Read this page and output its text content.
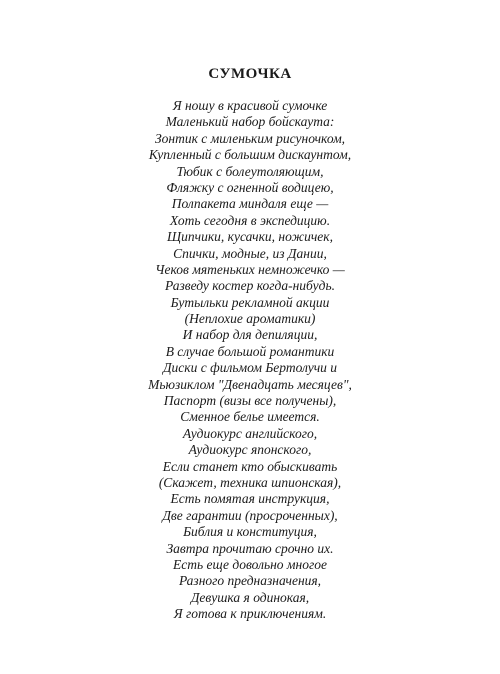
СУМОЧКА
Я ношу в красивой сумочке
Маленький набор бойскаута:
Зонтик с миленьким рисуночком,
Купленный с большим дискаунтом,
Тюбик с болеутоляющим,
Фляжку с огненной водицею,
Полпакета миндаля еще —
Хоть сегодня в экспедицию.
Щипчики, кусачки, ножичек,
Спички, модные, из Дании,
Чеков мятеньких немножечко —
Разведу костер когда-нибудь.
Бутыльки рекламной акции
(Неплохие ароматики)
И набор для депиляции,
В случае большой романтики
Диски с фильмом Бертолучи и
Мьюзиклом "Двенадцать месяцев",
Паспорт (визы все получены),
Сменное белье имеется.
Аудиокурс английского,
Аудиокурс японского,
Если станет кто обыскивать
(Скажет, техника шпионская),
Есть помятая инструкция,
Две гарантии (просроченных),
Библия и конституция,
Завтра прочитаю срочно их.
Есть еще довольно многое
Разного предназначения,
Девушка я одинокая,
Я готова к приключениям.
